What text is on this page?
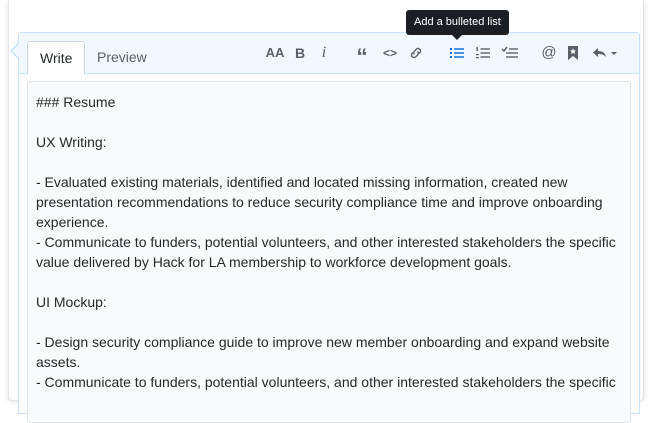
Write	Preview	AA B i “ <>	@

### Resume

UX Writing:

- Evaluated existing materials, identified and located missing information, created new

presentation recommendations to reduce security compliance time and improve onboarding

experience.

- Communicate to funders, potential volunteers, and other interested stakeholders the specific

value delivered by Hack for LA membership to workforce development goals.

UI Mockup:

- Design security compliance guide to improve new member onboarding and expand website

assets.

- Communicate to funders, potential volunteers, and other interested stakeholders the specific

Add a bulleted list
